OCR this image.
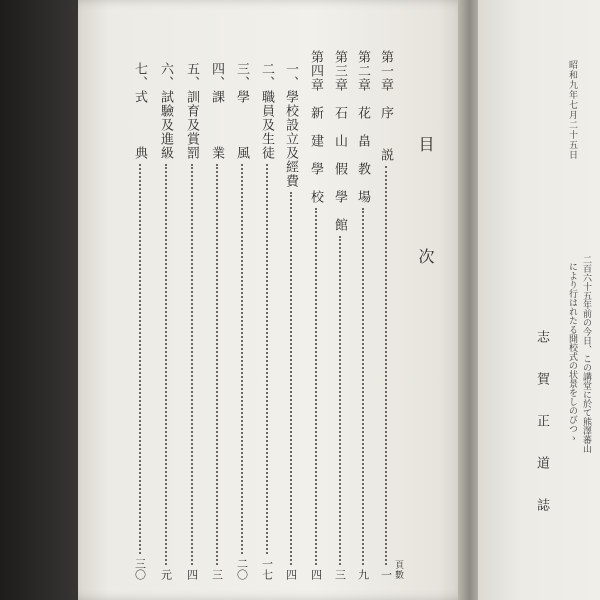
目　次
頁數
第一章　序　　説
一
第二章　花　畠　教　場
九
第三章　石　山　假　學　館
三
第四章　新　建　學　校
四
一、學校設立及經費
四
二、職員及生徒
一七
三、學　　　風
二〇
四、課　　　業
三
五、訓育及賞罰
四
六、試驗及進級
元
七、式　　　典
三〇
昭和九年七月二十五日
二百六十五年前の今日、この講堂に於て熊澤蕃山
により行はれたる開校式の状景をしのびつゝ
志　賀　正　道　誌
